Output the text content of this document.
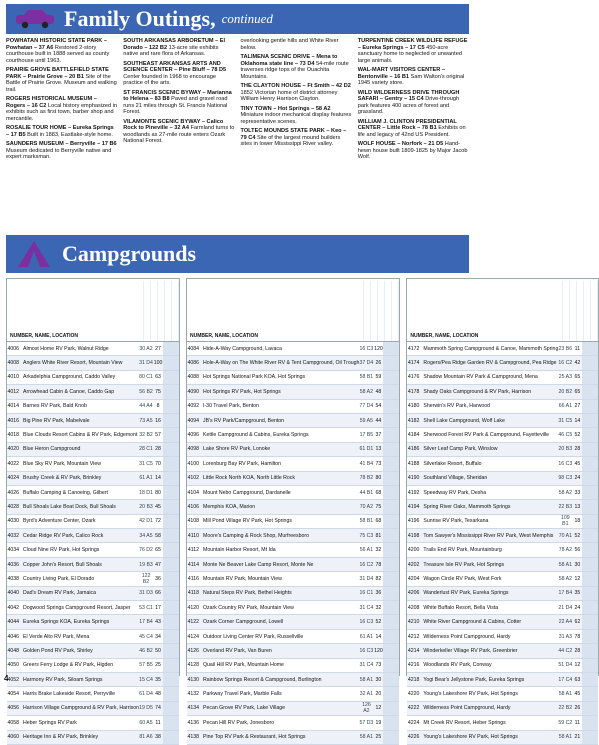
Family Outings, continued
POWHATAN HISTORIC STATE PARK – Powhatan – 37 A6 Restored 2-story courthouse built in 1888 served as county courthouse until 1963.
PRAIRIE GROVE BATTLEFIELD STATE PARK – Prairie Grove – 20 B1 Site of the Battle of Prairie Grove. Museum and walking trail.
ROGERS HISTORICAL MUSEUM – Rogers – 16 C2 Local history emphasized in exhibits such as first town, barber shop and mercantile.
ROSALIE TOUR HOME – Eureka Springs – 17 B5 Built in 1883, Eastlake-style home.
SAUNDERS MUSEUM – Berryville – 17 B6 Museum dedicated to Berryville native and expert marksman.
SOUTH ARKANSAS ARBORETUM – El Dorado – 122 B2 13-acre site exhibits native and rare flora of Arkansas.
SOUTHEAST ARKANSAS ARTS AND SCIENCE CENTER – Pine Bluff – 78 D5 Center founded in 1968 to encourage practice of the arts.
ST FRANCIS SCENIC BYWAY – Marianna to Helena – 83 B8 Paved and gravel road runs 21 miles through St. Francis National Forest.
VILAMONTE SCENIC BYWAY – Calico Rock to Pineville – 32 A4 Farmland turns to woodlands as 27-mile route enters Ozark National Forest.
overlooking gentle hills and White River below.
TALIMENA SCENIC DRIVE – Mena to Oklahoma state line – 73 D4 54-mile route traverses ridge tops of the Ouachita Mountains.
THE CLAYTON HOUSE – Ft Smith – 42 D2 1852 Victorian home of district attorney William Henry Harrison Clayton.
TINY TOWN – Hot Springs – 58 A2 Miniature indoor mechanical display features representative scenes.
TOLTEC MOUNDS STATE PARK – Keo – 79 C4 Site of the largest mound builders sites in lower Mississippi River valley.
TURPENTINE CREEK WILDLIFE REFUGE – Eureka Springs – 17 C5 450-acre sanctuary home to neglected or unwanted large animals.
WAL-MART VISITORS CENTER – Bentonville – 16 B1 Sam Walton's original 1945 variety store.
WILD WILDERNESS DRIVE THROUGH SAFARI – Gentry – 15 C4 Drive-through park features 400 acres of forest and grassland.
WILLIAM J. CLINTON PRESIDENTIAL CENTER – Little Rock – 78 B1 Exhibits on life and legacy of 42nd US President.
WOLF HOUSE – Norfork – 21 D5 Hand-hewn house built 1809-1825 by Major Jacob Wolf.
Campgrounds
NUMBER, NAME, LOCATION
4006 Almost Home RV Park, Walnut Ridge	30 A2 27
4008 Anglers White River Resort, Mountain View	31 D4 100
4010 Arkadelphia Campground, Caddo Valley	80 C1 63
4012 Arrowhead Cabin & Canoe, Caddo Gap	56 B2 75
4014 Barnes RV Park, Bald Knob	44 A4 8
4016 Big Pine RV Park, Mabelvale	73 A5 16
4018 Blue Clouds Resort Cabins & RV Park, Edgemont 32 B2 57
4020 Blue Heron Campground	28 C1 28
4022 Blue Sky RV Park, Mountain View	31 C5 70
4024 Brushy Creek & RV Park, Brinkley	61 A1 14
4026 Buffalo Camping & Canoeing, Gilbert	18 D1 80
4028 Bull Shoals Lake Boat Dock, Bull Shoals	20 B3 45
4030 Byrd's Adventure Center, Ozark	42 D1 72
4032 Cedar Ridge RV Park, Calico Rock	34 A5 58
4034 Cloud Nine RV Park, Hot Springs	76 D2 65
4036 Copper John's Resort, Bull Shoals	19 B3 47
4038 Country Living Park, El Dorado	122 B2	36
4040 Dad's Dream RV Park, Jamaica	31 D3 66
4042 Dogwood Springs Campground Resort, Jasper	53 C1 17
4044 Eureka Springs KOA, Eureka Springs	17 B4 43
4046 El Verde Alto RV Park, Mena	45 C4 34
4048 Golden Pond RV Park, Shirley	46 B2 50
4050 Greers Ferry Lodge & RV Park, Higden	57 B5 25
4052 Harmony RV Park, Siloam Springs	15 C4 35
4054 Harris Brake Lakeside Resort, Perryville	61 D4 48
4056 Harrison Village Campground & RV Park, Harrison 19 D5 74
4058 Heber Springs RV Park	60 A5 11
4060 Heritage Inn & RV Park, Brinkley	81 A6 38
NUMBER, NAME, LOCATION
4084 Hide-A-Way Campground, Lavaca	16 C3 120
4086 Hole-A-Way on The White River RV & Tent Campground, Oil Trough 37 D4 26
4088 Hot Springs National Park KOA, Hot Springs	58 B1 59
4090 Hot Springs RV Park, Hot Springs	58 A2 48
4092 I-30 Travel Park, Benton	77 D4 54
4094 JB's RV Park/Campground, Benton	59 A5 44
4096 Kettle Campground & Cabins, Eureka Springs	17 B5 37
4098 Lake Shore RV Park, Lonoke	61 D1 13
4100 Lorenburg Bay RV Park, Hamilton	41 B4 73
4102 Little Rock North KOA, North Little Rock	78 B2 80
4104 Mount Nebo Campground, Dardanelle	44 B1 68
4106 Memphis KOA, Marion	70 A2 75
4108 Mill Pond Village RV Park, Hot Springs	58 B1 68
4110 Moore's Camping & Rock Shop, Murfreesboro	75 C3 81
4112 Mountain Harbor Resort, Mt Ida	56 A1 32
4114 Monte Ne Beaver Lake Camp Resort, Monte Ne	16 C2 78
4116 Mountain RV Park, Mountain View	31 D4 82
4118 Natural Steps RV Park, Bethel Heights	16 C1 36
4120 Ozark Country RV Park, Mountain View	31 C4 32
4122 Ozark Corner Campground, Lowell	16 C3 52
4124 Outdoor Living Center RV Park, Russellville	61 A1 14
4126 Overland RV Park, Van Buren	16 C3 120
4128 Quail Hill RV Park, Mountain Home	31 C4 73
4130 Rainbow Springs Resort & Campground, Burlington	58 A1 30
4132 Parkway Travel Park, Marble Falls	32 A1 20
4134 Pecan Grove RV Park, Lake Village	126 A2	12
4136 Pecan Hill RV Park, Jonesboro	57 D3 19
4138 Pine Top RV Park & Restaurant, Hot Springs	58 A1 25
NUMBER, NAME, LOCATION
4172 Mammoth Spring Campground & Canoe, Mammoth Spring 23 B6 11
4174 Rogers/Pea Ridge Garden RV & Campground, Pea Ridge 16 C2 42
4176 Shadow Mountain RV Park & Campground, Mena	25 A3 65
4178 Shady Oaks Campground & RV Park, Harrison	20 B2 65
4180 Sherwin's RV Park, Harwood	66 A1 27
4182 Shell Lake Campground, Wolf Lake	31 C5 14
4184 Sherwood Forest RV Park & Campground, Fayetteville	46 C5 52
4186 Silver Leaf Camp Park, Winslow	20 B3 28
4188 Silverlake Resort, Buffalo	16 C3 45
4190 Southland Village, Sheridan	98 C3 24
4192 Speedway RV Park, Desha	58 A2 33
4194 Spring River Oaks, Mammoth Springs	22 B3 13
4196 Sunrise RV Park, Texarkana	109 B1	18
4198 Tom Sawyer's Mississippi River RV Park, West Memphis	70 A1 52
4200 Trails End RV Park, Mountainburg	78 A2 56
4202 Treasure Isle RV Park, Hot Springs	58 A1 30
4204 Wagon Circle RV Park, West Fork	58 A2 12
4206 Wanderlust RV Park, Eureka Springs	17 B4 35
4208 White Buffalo Resort, Bella Vista	21 D4 24
4210 White River Campground & Cabins, Cotter	22 A4 62
4212 Wilderness Point Campground, Hardy	31 A3 78
4214 Winderkeller Village RV Park, Greenbrier	44 C2 28
4216 Woodlands RV Park, Conway	51 D4 12
4218 Yogi Bear's Jellystone Park, Eureka Springs	17 C4 63
4220 Young's Lakeshore RV Park, Hot Springs	58 A1 45
4222 Wilderness Point Campground, Hardy	22 B2 26
4224 Mt Creek RV Resort, Heber Springs	59 C2 11
4226 Young's Lakeshore RV Park, Hot Springs	58 A1 21
4
